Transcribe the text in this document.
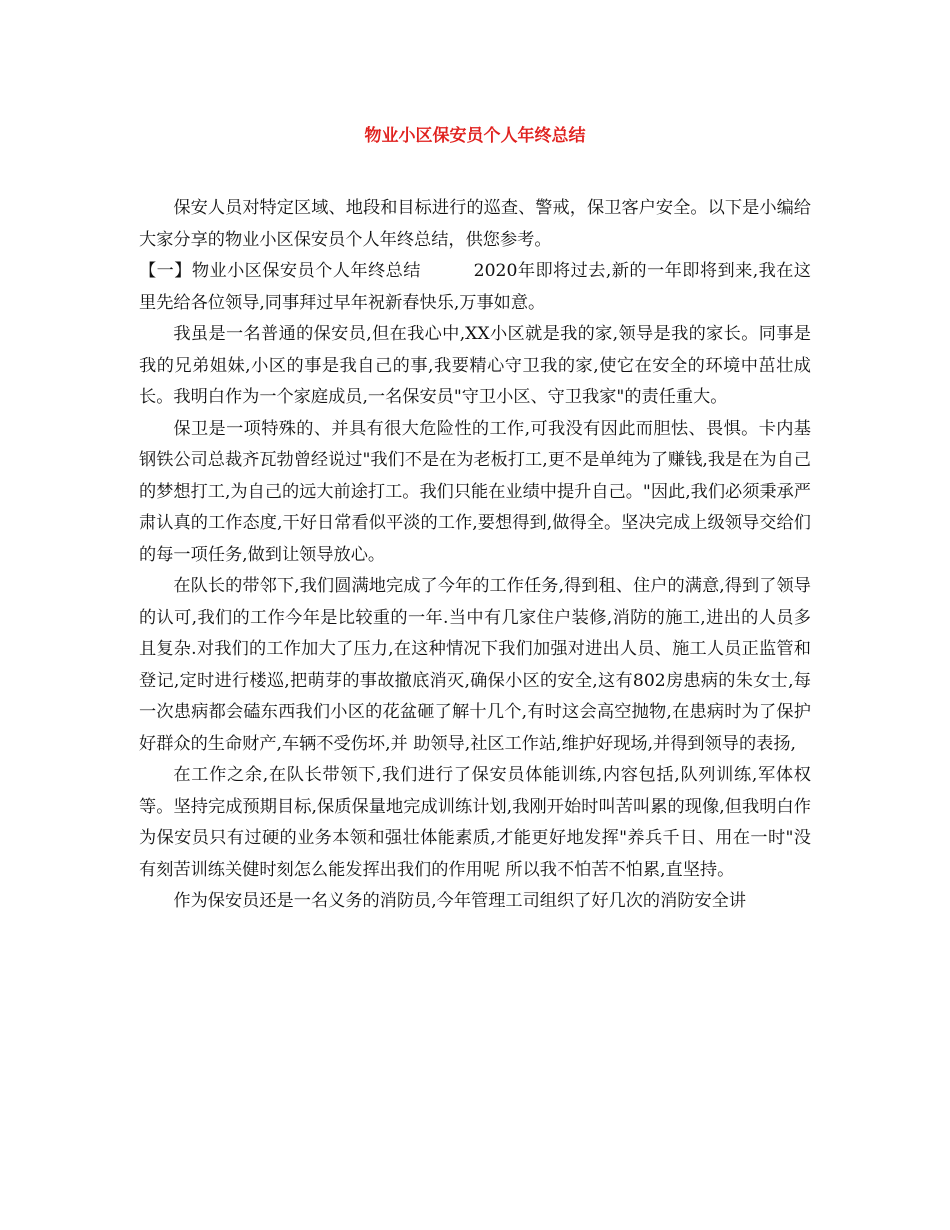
物业小区保安员个人年终总结

保安人员对特定区域、地段和目标进行的巡查、警戒，保卫客户安全。以下是小编给大家分享的物业小区保安员个人年终总结，供您参考。

【一】物业小区保安员个人年终总结　　　2020年即将过去,新的一年即将到来,我在这里先给各位领导,同事拜过早年祝新春快乐,万事如意。

我虽是一名普通的保安员,但在我心中,XX小区就是我的家,领导是我的家长。同事是我的兄弟姐妹,小区的事是我自己的事,我要精心守卫我的家,使它在安全的环境中茁壮成长。我明白作为一个家庭成员,一名保安员"守卫小区、守卫我家"的责任重大。

保卫是一项特殊的、并具有很大危险性的工作,可我没有因此而胆怯、畏惧。卡内基钢铁公司总裁齐瓦勃曾经说过"我们不是在为老板打工,更不是单纯为了赚钱,我是在为自己的梦想打工,为自己的远大前途打工。我们只能在业绩中提升自己。"因此,我们必须秉承严肃认真的工作态度,干好日常看似平淡的工作,要想得到,做得全。坚决完成上级领导交给们的每一项任务,做到让领导放心。

在队长的带邻下,我们圆满地完成了今年的工作任务,得到租、住户的满意,得到了领导的认可,我们的工作今年是比较重的一年.当中有几家住户装修,消防的施工,进出的人员多且复杂.对我们的工作加大了压力,在这种情况下我们加强对进出人员、施工人员正监管和登记,定时进行楼巡,把萌芽的事故撤底消灭,确保小区的安全,这有802房患病的朱女士,每一次患病都会磕东西我们小区的花盆砸了解十几个,有时这会高空抛物,在患病时为了保护好群众的生命财产,车辆不受伤坏,并 助领导,社区工作站,维护好现场,并得到领导的表扬,

在工作之余,在队长带领下,我们进行了保安员体能训练,内容包括,队列训练,军体权等。坚持完成预期目标,保质保量地完成训练计划,我刚开始时叫苦叫累的现像,但我明白作为保安员只有过硬的业务本领和强壮体能素质,才能更好地发挥"养兵千日、用在一时"没有刻苦训练关健时刻怎么能发挥出我们的作用呢 所以我不怕苦不怕累,直坚持。

作为保安员还是一名义务的消防员,今年管理工司组织了好几次的消防安全讲
